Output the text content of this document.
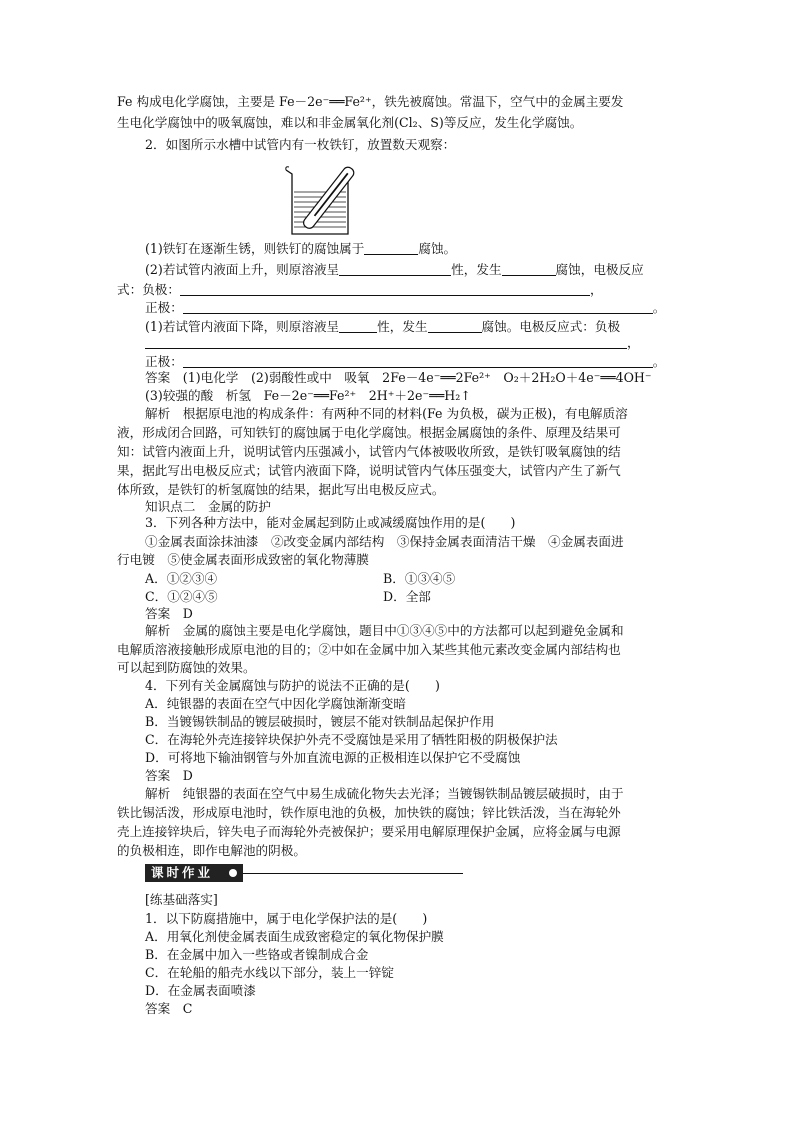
Fe 构成电化学腐蚀，主要是 Fe－2e⁻══Fe²⁺，铁先被腐蚀。常温下，空气中的金属主要发
生电化学腐蚀中的吸氧腐蚀，难以和非金属氧化剂(Cl₂、S)等反应，发生化学腐蚀。
2．如图所示水槽中试管内有一枚铁钉，放置数天观察：
(1)铁钉在逐渐生锈，则铁钉的腐蚀属于	腐蚀。
(2)若试管内液面上升，则原溶液呈	性，发生	腐蚀，电极反应
式：负极：	，
正极：	。
(1)若试管内液面下降，则原溶液呈	性，发生	腐蚀。电极反应式：负极
，
正极：	。
答案　(1)电化学　(2)弱酸性或中　吸氧　2Fe－4e⁻══2Fe²⁺　O₂＋2H₂O＋4e⁻══4OH⁻
(3)较强的酸　析氢　Fe－2e⁻══Fe²⁺　2H⁺＋2e⁻══H₂↑
解析　根据原电池的构成条件：有两种不同的材料(Fe 为负极，碳为正极)，有电解质溶
液，形成闭合回路，可知铁钉的腐蚀属于电化学腐蚀。根据金属腐蚀的条件、原理及结果可
知：试管内液面上升，说明试管内压强减小，试管内气体被吸收所致，是铁钉吸氧腐蚀的结
果，据此写出电极反应式；试管内液面下降，说明试管内气体压强变大，试管内产生了新气
体所致，是铁钉的析氢腐蚀的结果，据此写出电极反应式。
知识点二　金属的防护
3．下列各种方法中，能对金属起到防止或减缓腐蚀作用的是(　　)
①金属表面涂抹油漆　②改变金属内部结构　③保持金属表面清洁干燥　④金属表面进
行电镀　⑤使金属表面形成致密的氧化物薄膜
A．①②③④	B．①③④⑤
C．①②④⑤	D．全部
答案　D
解析　金属的腐蚀主要是电化学腐蚀，题目中①③④⑤中的方法都可以起到避免金属和
电解质溶液接触形成原电池的目的；②中如在金属中加入某些其他元素改变金属内部结构也
可以起到防腐蚀的效果。
4．下列有关金属腐蚀与防护的说法不正确的是(　　)
A．纯银器的表面在空气中因化学腐蚀渐渐变暗
B．当镀锡铁制品的镀层破损时，镀层不能对铁制品起保护作用
C．在海轮外壳连接锌块保护外壳不受腐蚀是采用了牺牲阳极的阴极保护法
D．可将地下输油钢管与外加直流电源的正极相连以保护它不受腐蚀
答案　D
解析　纯银器的表面在空气中易生成硫化物失去光泽；当镀锡铁制品镀层破损时，由于
铁比锡活泼，形成原电池时，铁作原电池的负极，加快铁的腐蚀；锌比铁活泼，当在海轮外
壳上连接锌块后，锌失电子而海轮外壳被保护；要采用电解原理保护金属，应将金属与电源
的负极相连，即作电解池的阴极。
课时作业
[练基础落实]
1．以下防腐措施中，属于电化学保护法的是(　　)
A．用氧化剂使金属表面生成致密稳定的氧化物保护膜
B．在金属中加入一些铬或者镍制成合金
C．在轮船的船壳水线以下部分，装上一锌锭
D．在金属表面喷漆
答案　C
